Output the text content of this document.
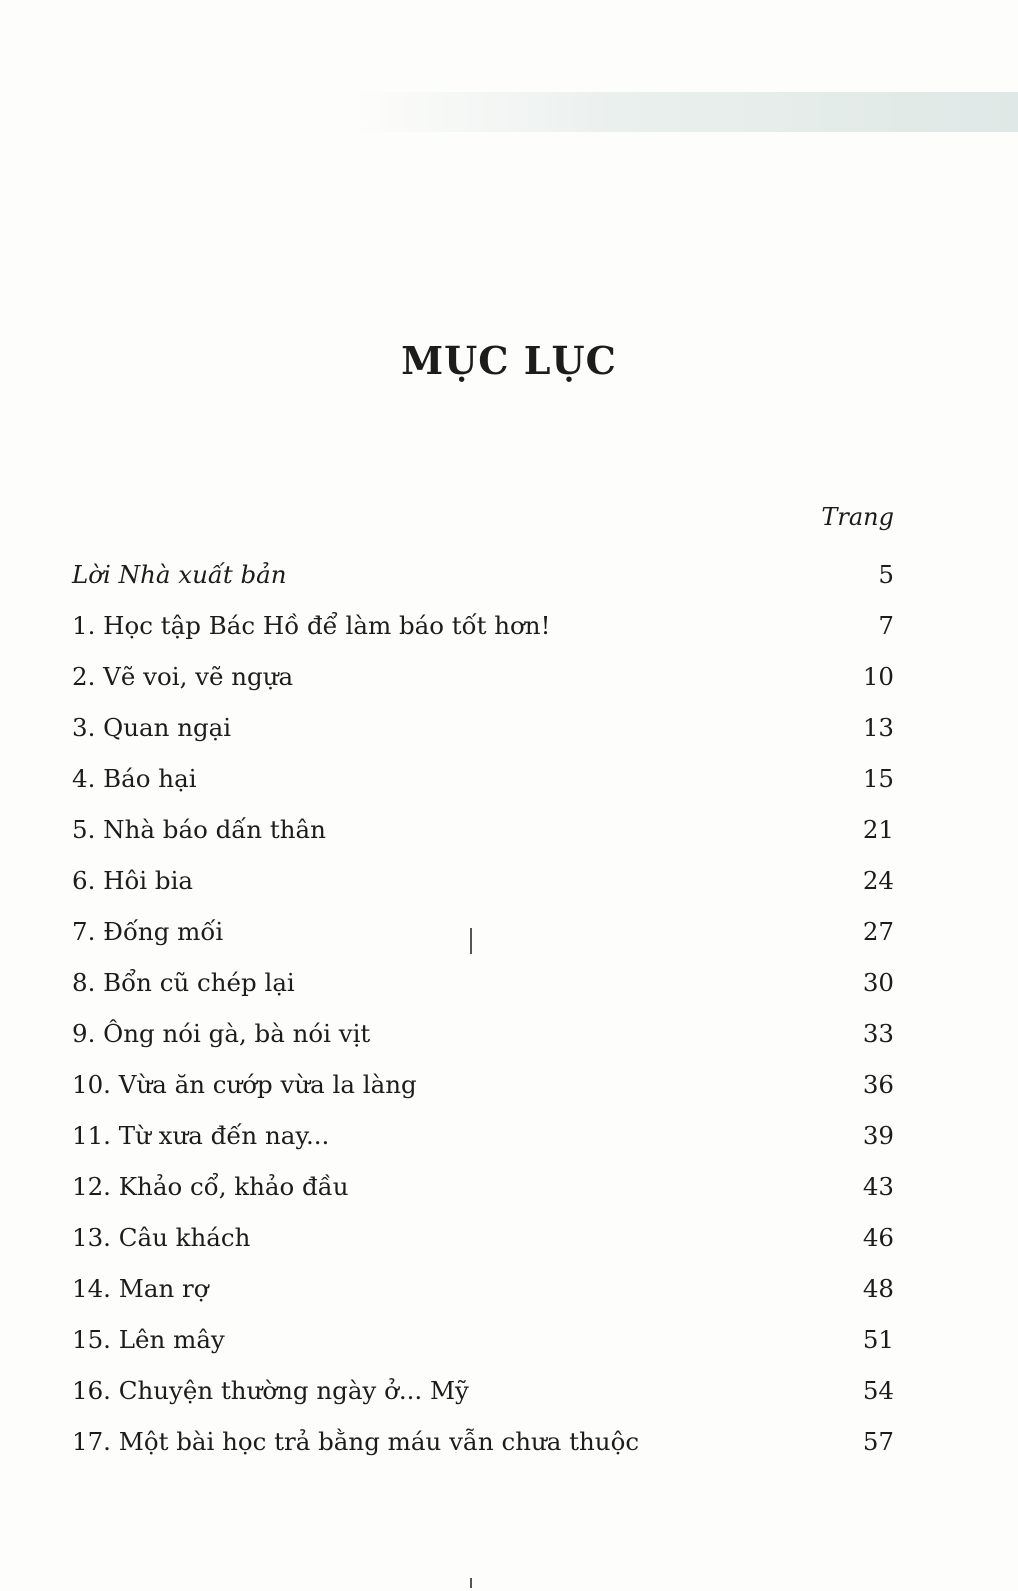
MỤC LỤC
Trang
Lời Nhà xuất bản	5
1. Học tập Bác Hồ để làm báo tốt hơn!	7
2. Vẽ voi, vẽ ngựa	10
3. Quan ngại	13
4. Báo hại	15
5. Nhà báo dấn thân	21
6. Hôi bia	24
7. Đống mối	27
8. Bổn cũ chép lại	30
9. Ông nói gà, bà nói vịt	33
10. Vừa ăn cướp vừa la làng	36
11. Từ xưa đến nay...	39
12. Khảo cổ, khảo đầu	43
13. Câu khách	46
14. Man rợ	48
15. Lên mây	51
16. Chuyện thường ngày ở... Mỹ	54
17. Một bài học trả bằng máu vẫn chưa thuộc	57
